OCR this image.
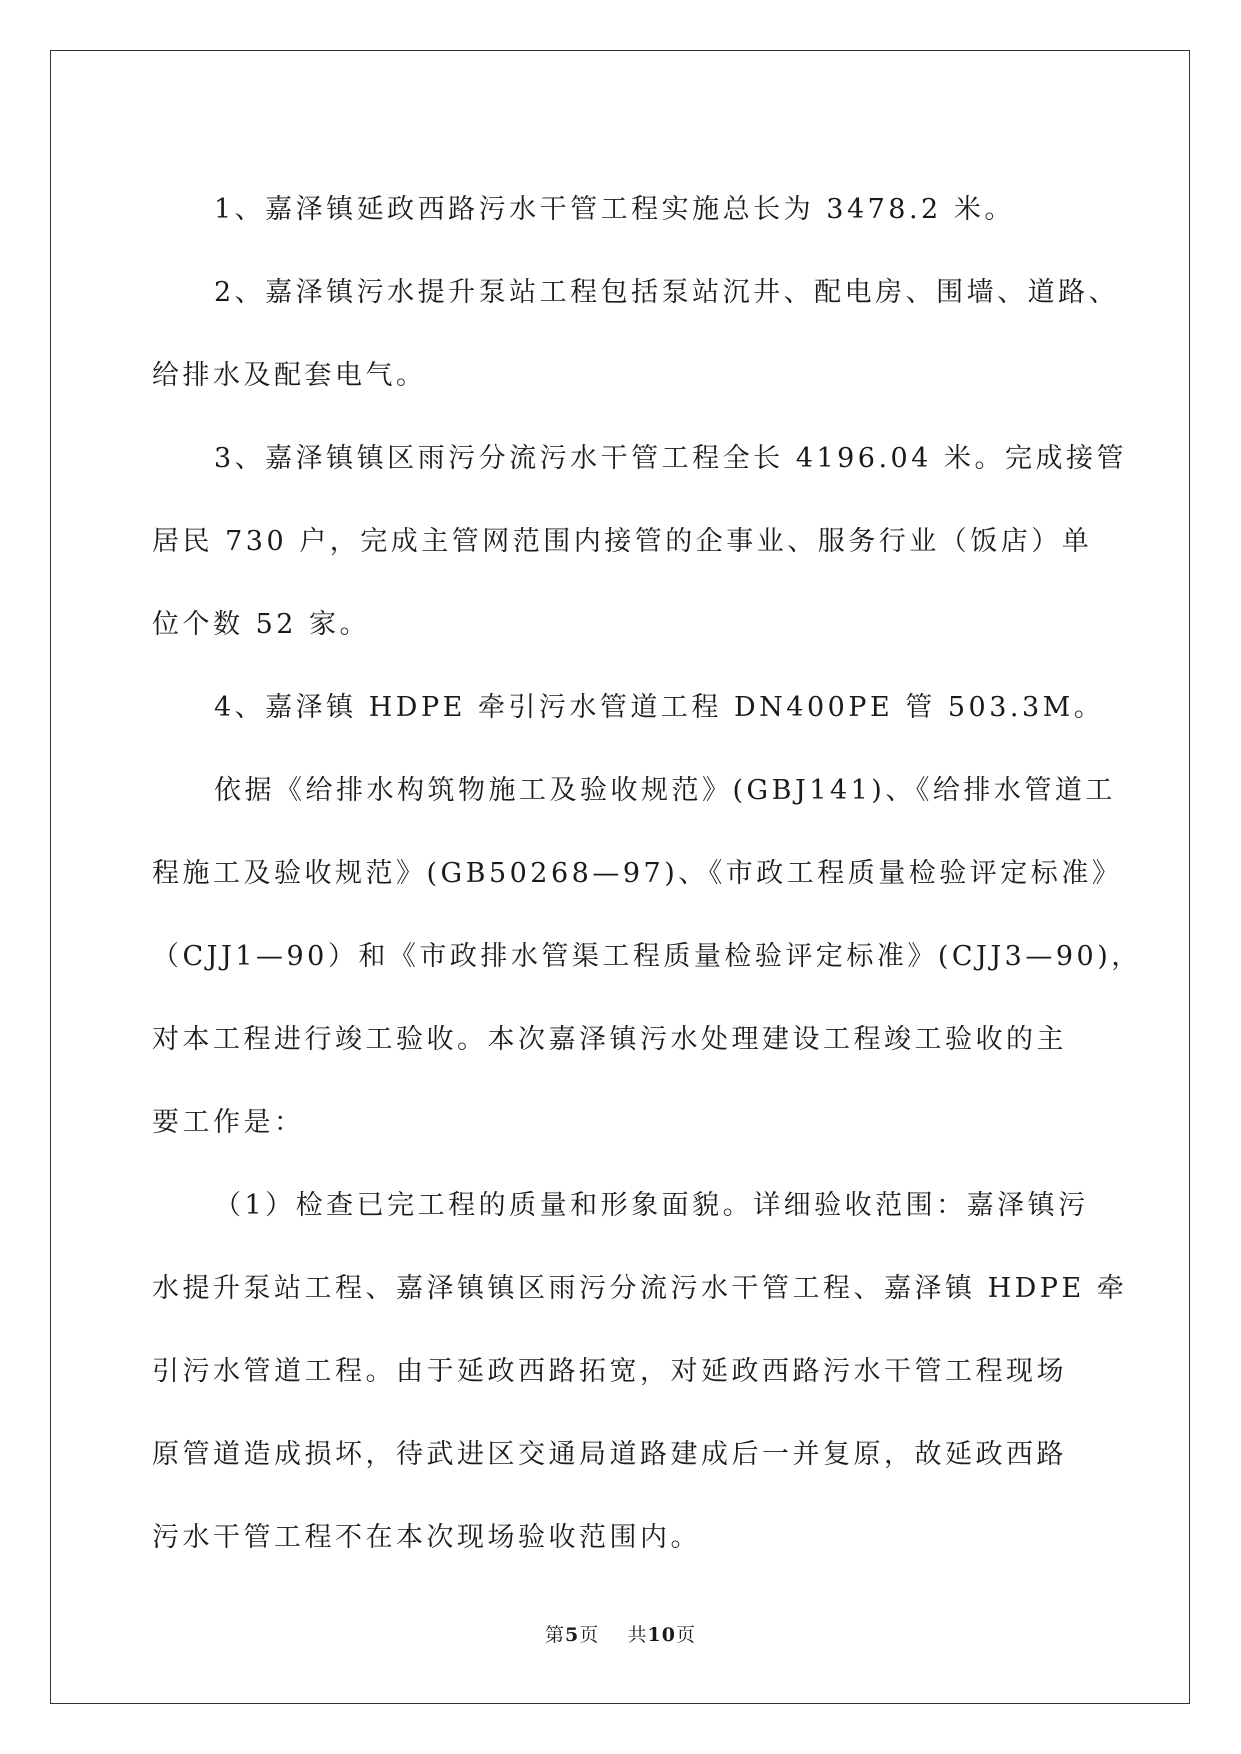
1、嘉泽镇延政西路污水干管工程实施总长为 3478.2 米。

2、嘉泽镇污水提升泵站工程包括泵站沉井、配电房、围墙、道路、
给排水及配套电气。

3、嘉泽镇镇区雨污分流污水干管工程全长 4196.04 米。完成接管
居民 730 户，完成主管网范围内接管的企事业、服务行业（饭店）单
位个数 52 家。

4、嘉泽镇 HDPE 牵引污水管道工程 DN400PE 管 503.3M。

依据《给排水构筑物施工及验收规范》(GBJ141)、《给排水管道工
程施工及验收规范》(GB50268—97)、《市政工程质量检验评定标准》
（CJJ1—90）和《市政排水管渠工程质量检验评定标准》(CJJ3—90)，
对本工程进行竣工验收。本次嘉泽镇污水处理建设工程竣工验收的主
要工作是：

（1）检查已完工程的质量和形象面貌。详细验收范围：嘉泽镇污
水提升泵站工程、嘉泽镇镇区雨污分流污水干管工程、嘉泽镇 HDPE 牵
引污水管道工程。由于延政西路拓宽，对延政西路污水干管工程现场
原管道造成损坏，待武进区交通局道路建成后一并复原，故延政西路
污水干管工程不在本次现场验收范围内。

第5页 共10页
